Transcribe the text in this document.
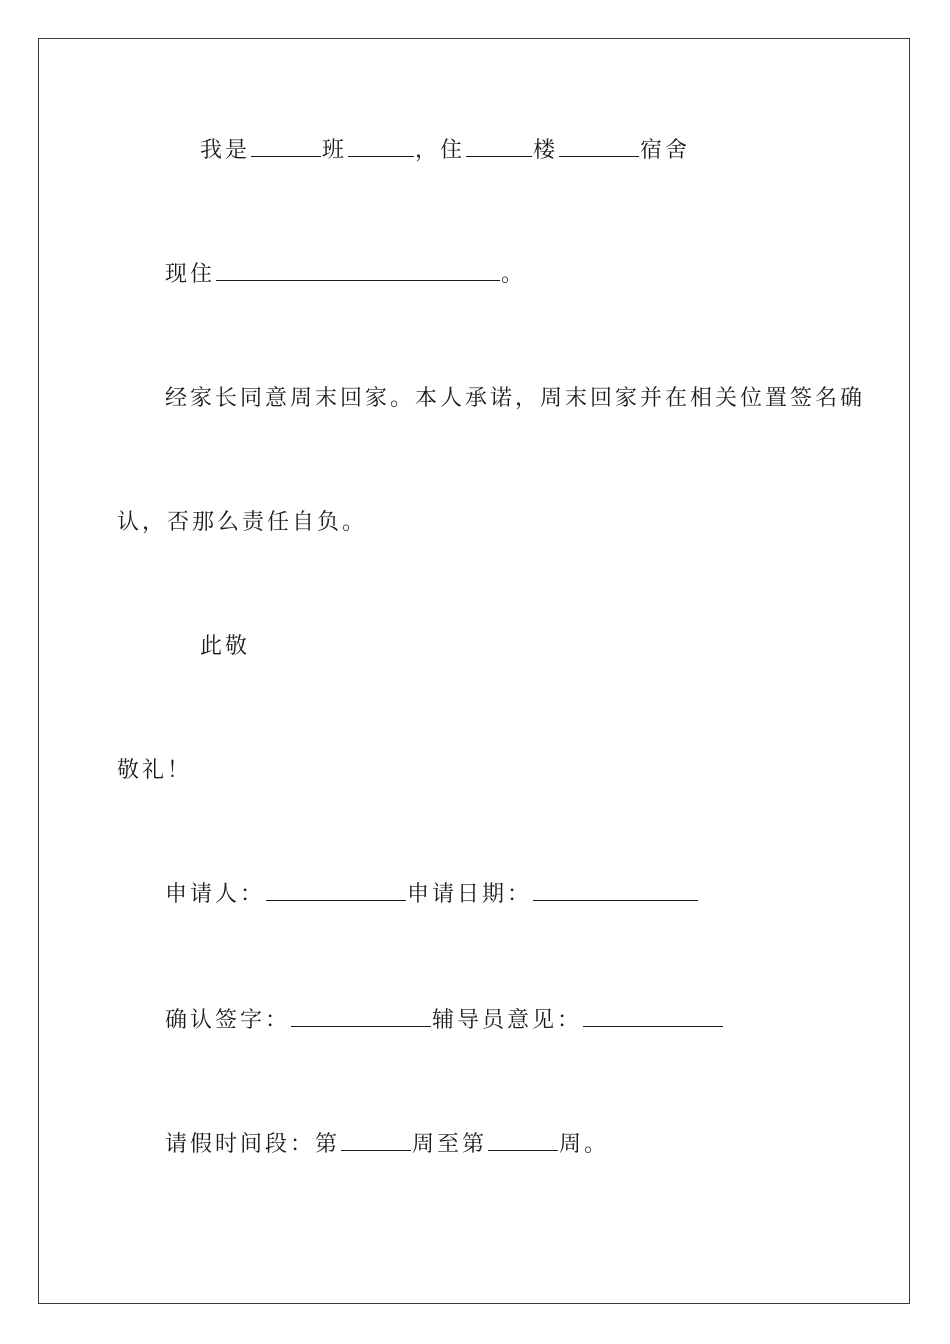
我是	班	，住	楼	宿舍
现住	。
经家长同意周末回家。本人承诺，周末回家并在相关位置签名确
认，否那么责任自负。
此敬
敬礼！
申请人：	申请日期：
确认签字：	辅导员意见：
请假时间段：第	周至第	周。
